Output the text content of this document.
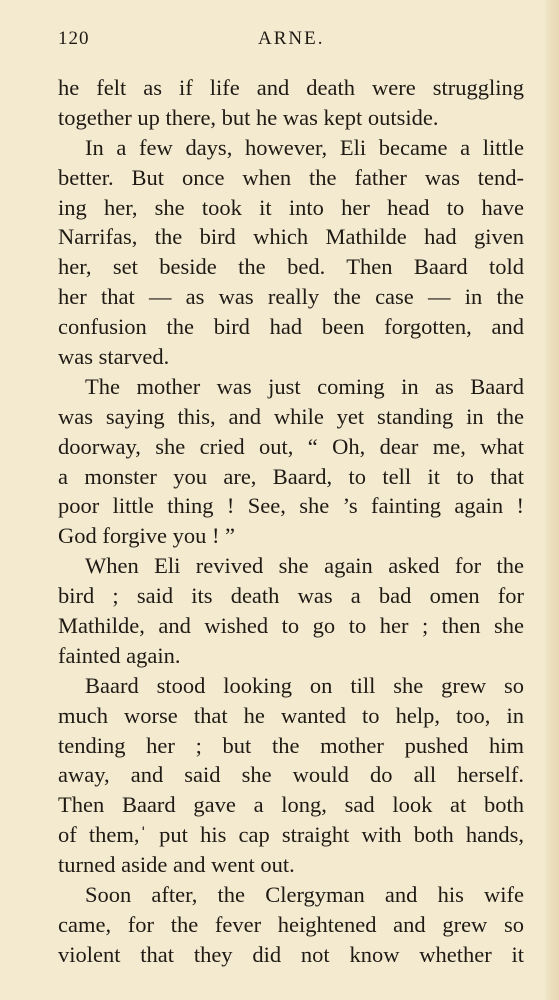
120	ARNE.
he felt as if life and death were struggling
together up there, but he was kept outside.
In a few days, however, Eli became a little
better. But once when the father was tend-
ing her, she took it into her head to have
Narrifas, the bird which Mathilde had given
her, set beside the bed. Then Baard told
her that — as was really the case — in the
confusion the bird had been forgotten, and
was starved.
The mother was just coming in as Baard
was saying this, and while yet standing in the
doorway, she cried out, “ Oh, dear me, what
a monster you are, Baard, to tell it to that
poor little thing ! See, she ’s fainting again !
God forgive you ! ”
When Eli revived she again asked for the
bird ; said its death was a bad omen for
Mathilde, and wished to go to her ; then she
fainted again.
Baard stood looking on till she grew so
much worse that he wanted to help, too, in
tending her ; but the mother pushed him
away, and said she would do all herself.
Then Baard gave a long, sad look at both
of them,ˈ put his cap straight with both hands,
turned aside and went out.
Soon after, the Clergyman and his wife
came, for the fever heightened and grew so
violent that they did not know whether it
